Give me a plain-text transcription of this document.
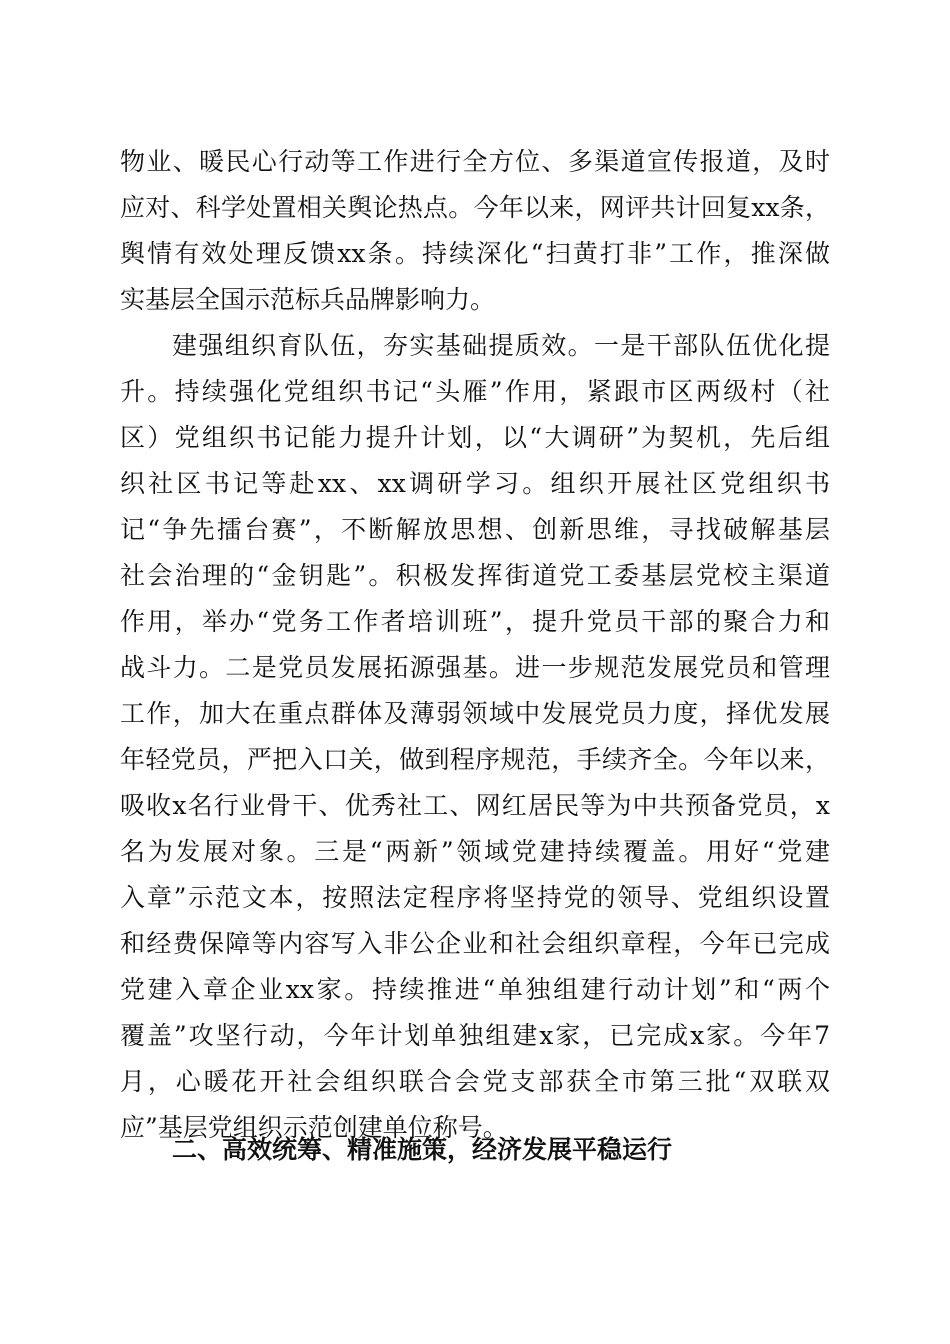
物业、暖民心行动等工作进行全方位、多渠道宣传报道，及时
应对、科学处置相关舆论热点。今年以来，网评共计回复xx条，
舆情有效处理反馈xx条。持续深化“扫黄打非”工作，推深做
实基层全国示范标兵品牌影响力。
建强组织育队伍，夯实基础提质效。一是干部队伍优化提
升。持续强化党组织书记“头雁”作用，紧跟市区两级村（社
区）党组织书记能力提升计划，以“大调研”为契机，先后组
织社区书记等赴xx、xx调研学习。组织开展社区党组织书
记“争先擂台赛”，不断解放思想、创新思维，寻找破解基层
社会治理的“金钥匙”。积极发挥街道党工委基层党校主渠道
作用，举办“党务工作者培训班”，提升党员干部的聚合力和
战斗力。二是党员发展拓源强基。进一步规范发展党员和管理
工作，加大在重点群体及薄弱领域中发展党员力度，择优发展
年轻党员，严把入口关，做到程序规范，手续齐全。今年以来，
吸收x名行业骨干、优秀社工、网红居民等为中共预备党员，x
名为发展对象。三是“两新”领域党建持续覆盖。用好“党建
入章”示范文本，按照法定程序将坚持党的领导、党组织设置
和经费保障等内容写入非公企业和社会组织章程，今年已完成
党建入章企业xx家。持续推进“单独组建行动计划”和“两个
覆盖”攻坚行动，今年计划单独组建x家，已完成x家。今年7
月，心暖花开社会组织联合会党支部获全市第三批“双联双
应”基层党组织示范创建单位称号。
二、高效统筹、精准施策，经济发展平稳运行
